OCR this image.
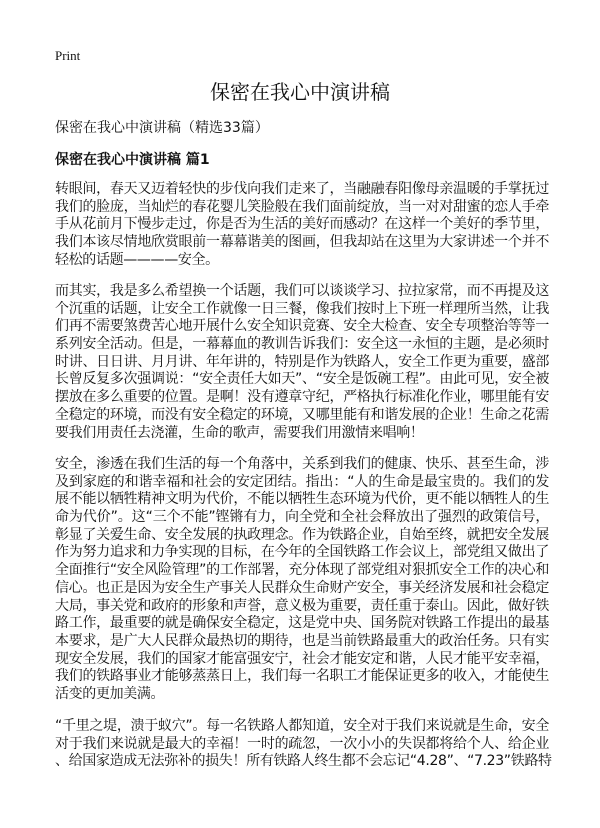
Print
保密在我心中演讲稿
保密在我心中演讲稿（精选33篇）
保密在我心中演讲稿 篇1
转眼间，春天又迈着轻快的步伐向我们走来了，当融融春阳像母亲温暖的手掌抚过
我们的脸庞，当灿烂的春花婴儿笑脸般在我们面前绽放，当一对对甜蜜的恋人手牵
手从花前月下慢步走过，你是否为生活的美好而感动？在这样一个美好的季节里，
我们本该尽情地欣赏眼前一幕幕谐美的图画，但我却站在这里为大家讲述一个并不
轻松的话题————安全。
而其实，我是多么希望换一个话题，我们可以谈谈学习、拉拉家常，而不再提及这
个沉重的话题，让安全工作就像一日三餐，像我们按时上下班一样理所当然，让我
们再不需要煞费苦心地开展什么安全知识竞赛、安全大检查、安全专项整治等等一
系列安全活动。但是，一幕幕血的教训告诉我们：安全这一永恒的主题，是必须时
时讲、日日讲、月月讲、年年讲的，特别是作为铁路人，安全工作更为重要，盛部
长曾反复多次强调说：“安全责任大如天”、“安全是饭碗工程”。由此可见，安全被
摆放在多么重要的位置。是啊！没有遵章守纪，严格执行标准化作业，哪里能有安
全稳定的环境，而没有安全稳定的环境，又哪里能有和谐发展的企业！生命之花需
要我们用责任去浇灌，生命的歌声，需要我们用激情来唱响！
安全，渗透在我们生活的每一个角落中，关系到我们的健康、快乐、甚至生命，涉
及到家庭的和谐幸福和社会的安定团结。指出：“人的生命是最宝贵的。我们的发
展不能以牺牲精神文明为代价，不能以牺牲生态环境为代价，更不能以牺牲人的生
命为代价”。这“三个不能”铿锵有力，向全党和全社会释放出了强烈的政策信号，
彰显了关爱生命、安全发展的执政理念。作为铁路企业，自始至终，就把安全发展
作为努力追求和力争实现的目标，在今年的全国铁路工作会议上，部党组又做出了
全面推行“安全风险管理”的工作部署，充分体现了部党组对狠抓安全工作的决心和
信心。也正是因为安全生产事关人民群众生命财产安全，事关经济发展和社会稳定
大局，事关党和政府的形象和声誉，意义极为重要，责任重于泰山。因此，做好铁
路工作，最重要的就是确保安全稳定，这是党中央、国务院对铁路工作提出的最基
本要求，是广大人民群众最热切的期待，也是当前铁路最重大的政治任务。只有实
现安全发展，我们的国家才能富强安宁，社会才能安定和谐，人民才能平安幸福，
我们的铁路事业才能够蒸蒸日上，我们每一名职工才能保证更多的收入，才能使生
活变的更加美满。
“千里之堤，溃于蚁穴”。每一名铁路人都知道，安全对于我们来说就是生命，安全
对于我们来说就是最大的幸福！一时的疏忽，一次小小的失误都将给个人、给企业
、给国家造成无法弥补的损失！所有铁路人终生都不会忘记“4.28”、“7.23”铁路特
